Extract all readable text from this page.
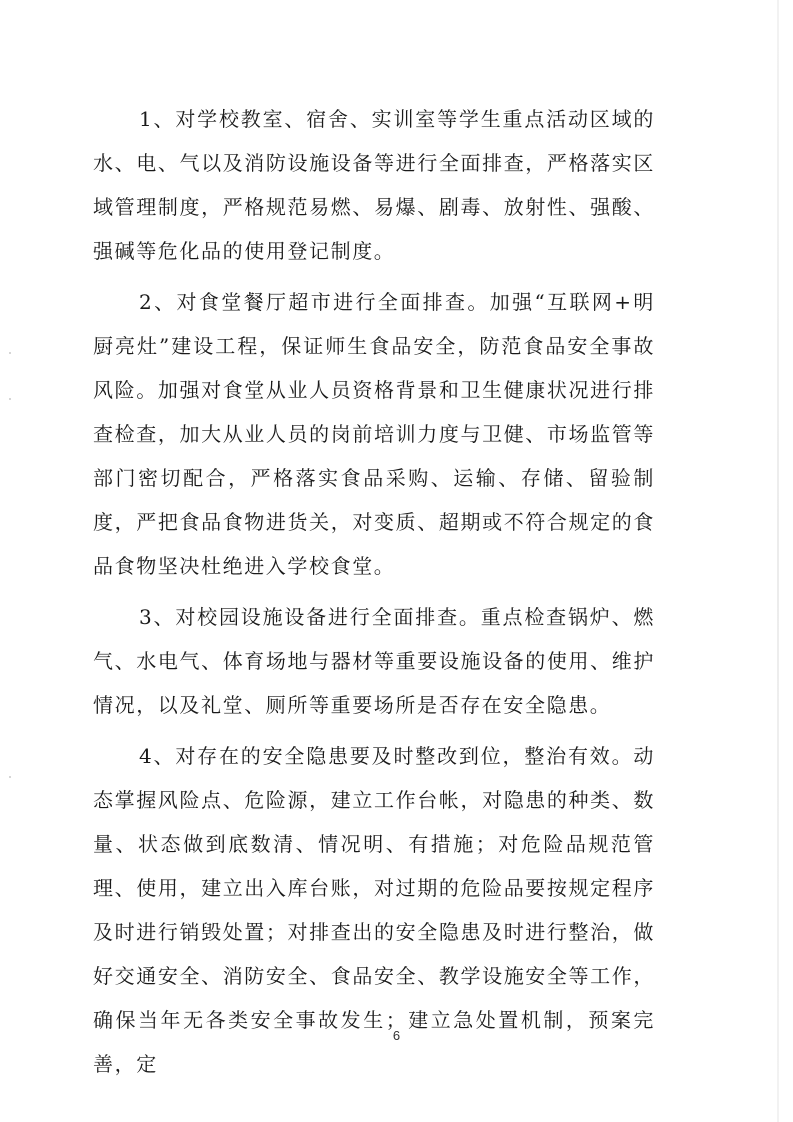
1、对学校教室、宿舍、实训室等学生重点活动区域的水、电、气以及消防设施设备等进行全面排查，严格落实区域管理制度，严格规范易燃、易爆、剧毒、放射性、强酸、强碱等危化品的使用登记制度。

2、对食堂餐厅超市进行全面排查。加强“互联网+明厨亮灶”建设工程，保证师生食品安全，防范食品安全事故风险。加强对食堂从业人员资格背景和卫生健康状况进行排查检查，加大从业人员的岗前培训力度与卫健、市场监管等部门密切配合，严格落实食品采购、运输、存储、留验制度，严把食品食物进货关，对变质、超期或不符合规定的食品食物坚决杜绝进入学校食堂。

3、对校园设施设备进行全面排查。重点检查锅炉、燃气、水电气、体育场地与器材等重要设施设备的使用、维护情况，以及礼堂、厕所等重要场所是否存在安全隐患。

4、对存在的安全隐患要及时整改到位，整治有效。动态掌握风险点、危险源，建立工作台帐，对隐患的种类、数量、状态做到底数清、情况明、有措施；对危险品规范管理、使用，建立出入库台账，对过期的危险品要按规定程序及时进行销毁处置；对排查出的安全隐患及时进行整治，做好交通安全、消防安全、食品安全、教学设施安全等工作，确保当年无各类安全事故发生；建立急处置机制，预案完善，定

6
